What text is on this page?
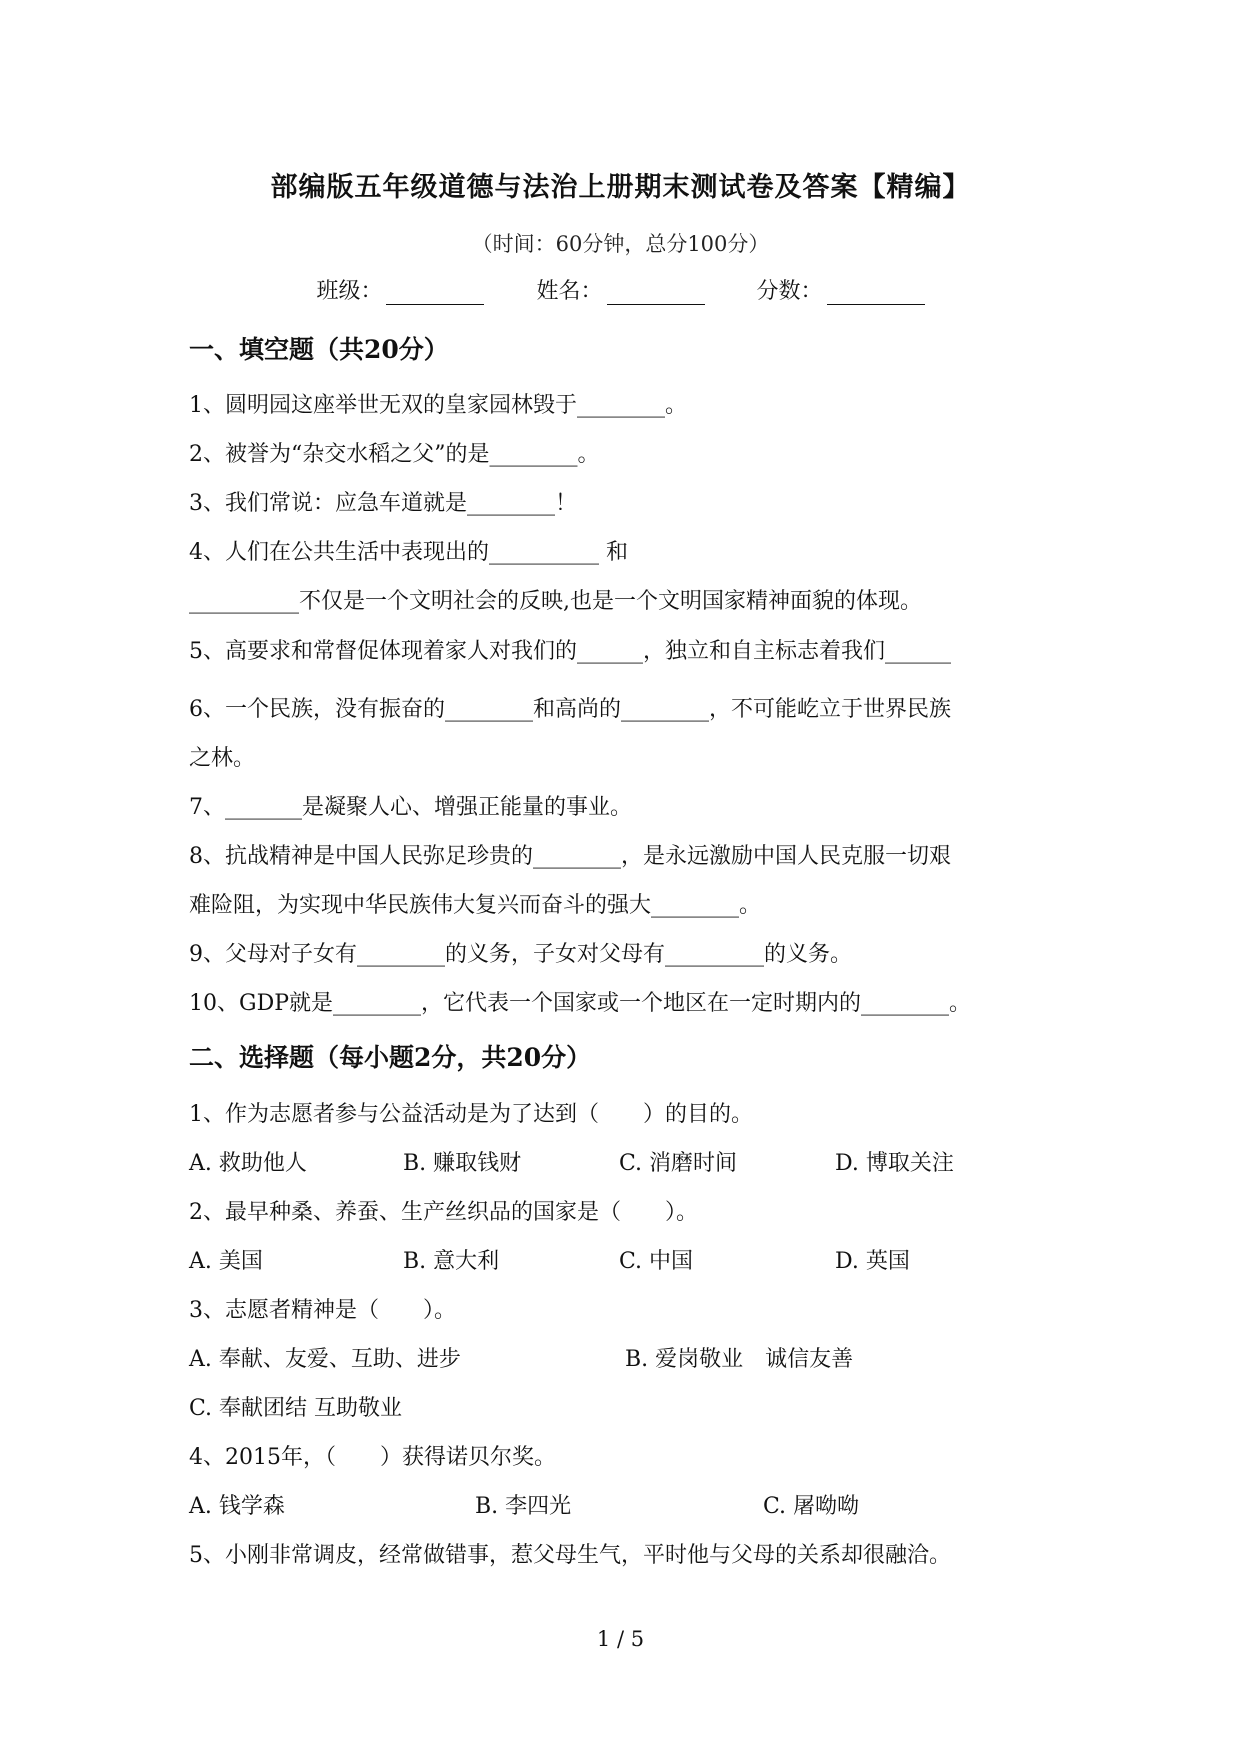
部编版五年级道德与法治上册期末测试卷及答案【精编】
（时间：60分钟，总分100分）
班级：	姓名：	分数：
一、填空题（共20分）
1、圆明园这座举世无双的皇家园林毁于________。
2、被誉为“杂交水稻之父”的是________。
3、我们常说：应急车道就是________！
4、人们在公共生活中表现出的__________ 和
__________不仅是一个文明社会的反映,也是一个文明国家精神面貌的体现。
5、高要求和常督促体现着家人对我们的______，独立和自主标志着我们______
6、一个民族，没有振奋的________和高尚的________，不可能屹立于世界民族
之林。
7、_______是凝聚人心、增强正能量的事业。
8、抗战精神是中国人民弥足珍贵的________，是永远激励中国人民克服一切艰
难险阻，为实现中华民族伟大复兴而奋斗的强大________。
9、父母对子女有________的义务，子女对父母有_________的义务。
10、GDP就是________，它代表一个国家或一个地区在一定时期内的________。
二、选择题（每小题2分，共20分）
1、作为志愿者参与公益活动是为了达到（　　）的目的。
A. 救助他人	B. 赚取钱财	C. 消磨时间	D. 博取关注
2、最早种桑、养蚕、生产丝织品的国家是（　　）。
A. 美国	B. 意大利	C. 中国	D. 英国
3、志愿者精神是（　　）。
A. 奉献、友爱、互助、进步	B. 爱岗敬业　诚信友善
C. 奉献团结 互助敬业
4、2015年，（　　）获得诺贝尔奖。
A. 钱学森	B. 李四光	C. 屠呦呦
5、小刚非常调皮，经常做错事，惹父母生气，平时他与父母的关系却很融洽。
1 / 5
